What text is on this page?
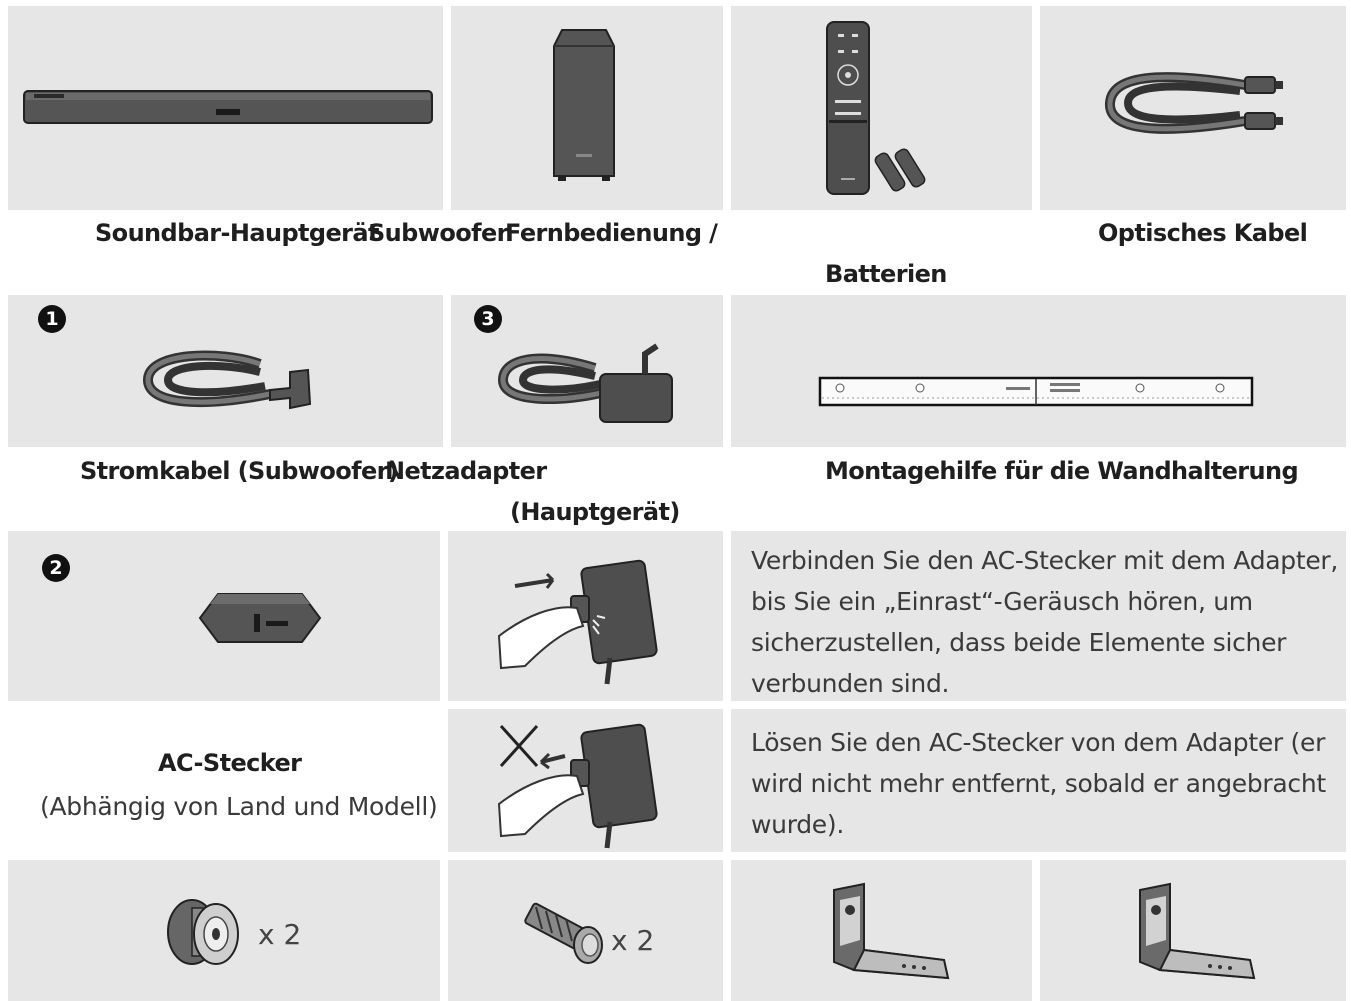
Soundbar-Hauptgerät
Subwoofer
Fernbedienung /
Batterien
Optisches Kabel
1	3
Stromkabel (Subwoofer)
Netzadapter
(Hauptgerät)
Montagehilfe für die Wandhalterung
2
AC-Stecker
(Abhängig von Land und Modell)
Verbinden Sie den AC-Stecker mit dem Adapter,
bis Sie ein „Einrast“-Geräusch hören, um
sicherzustellen, dass beide Elemente sicher
verbunden sind.
Lösen Sie den AC-Stecker von dem Adapter (er
wird nicht mehr entfernt, sobald er angebracht
wurde).
x 2	x 2
